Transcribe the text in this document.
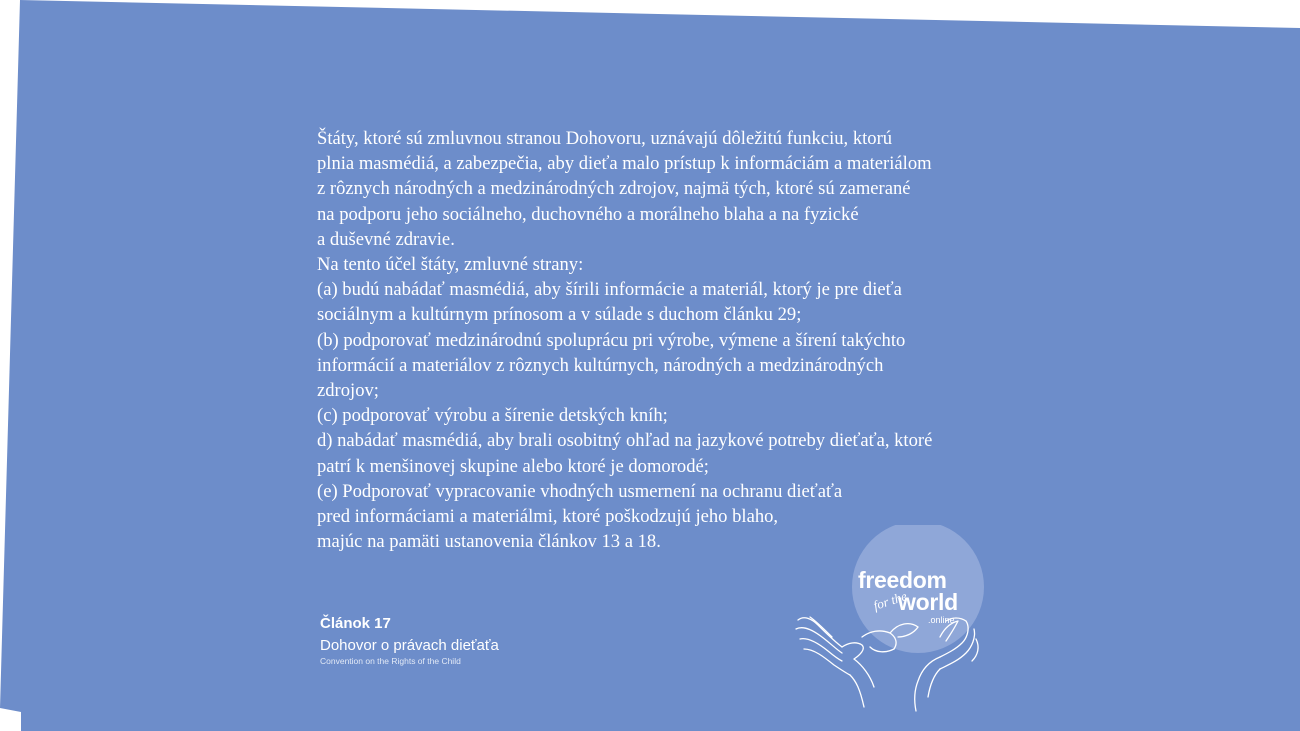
Štáty, ktoré sú zmluvnou stranou Dohovoru, uznávajú dôležitú funkciu, ktorú
plnia masmédiá, a zabezpečia, aby dieťa malo prístup k informáciám a materiálom
z rôznych národných a medzinárodných zdrojov, najmä tých, ktoré sú zamerané
na podporu jeho sociálneho, duchovného a morálneho blaha a na fyzické
a duševné zdravie.
Na tento účel štáty, zmluvné strany:
(a) budú nabádať masmédiá, aby šírili informácie a materiál, ktorý je pre dieťa
sociálnym a kultúrnym prínosom a v súlade s duchom článku 29;
(b) podporovať medzinárodnú spoluprácu pri výrobe, výmene a šírení takýchto
informácií a materiálov z rôznych kultúrnych, národných a medzinárodných
zdrojov;
(c) podporovať výrobu a šírenie detských kníh;
d) nabádať masmédiá, aby brali osobitný ohľad na jazykové potreby dieťaťa, ktoré
patrí k menšinovej skupine alebo ktoré je domorodé;
(e) Podporovať vypracovanie vhodných usmernení na ochranu dieťaťa
pred informáciami a materiálmi, ktoré poškodzujú jeho blaho,
majúc na pamäti ustanovenia článkov 13 a 18.
Článok 17
Dohovor o právach dieťaťa
Convention on the Rights of the Child
freedom
for the
world
.online
